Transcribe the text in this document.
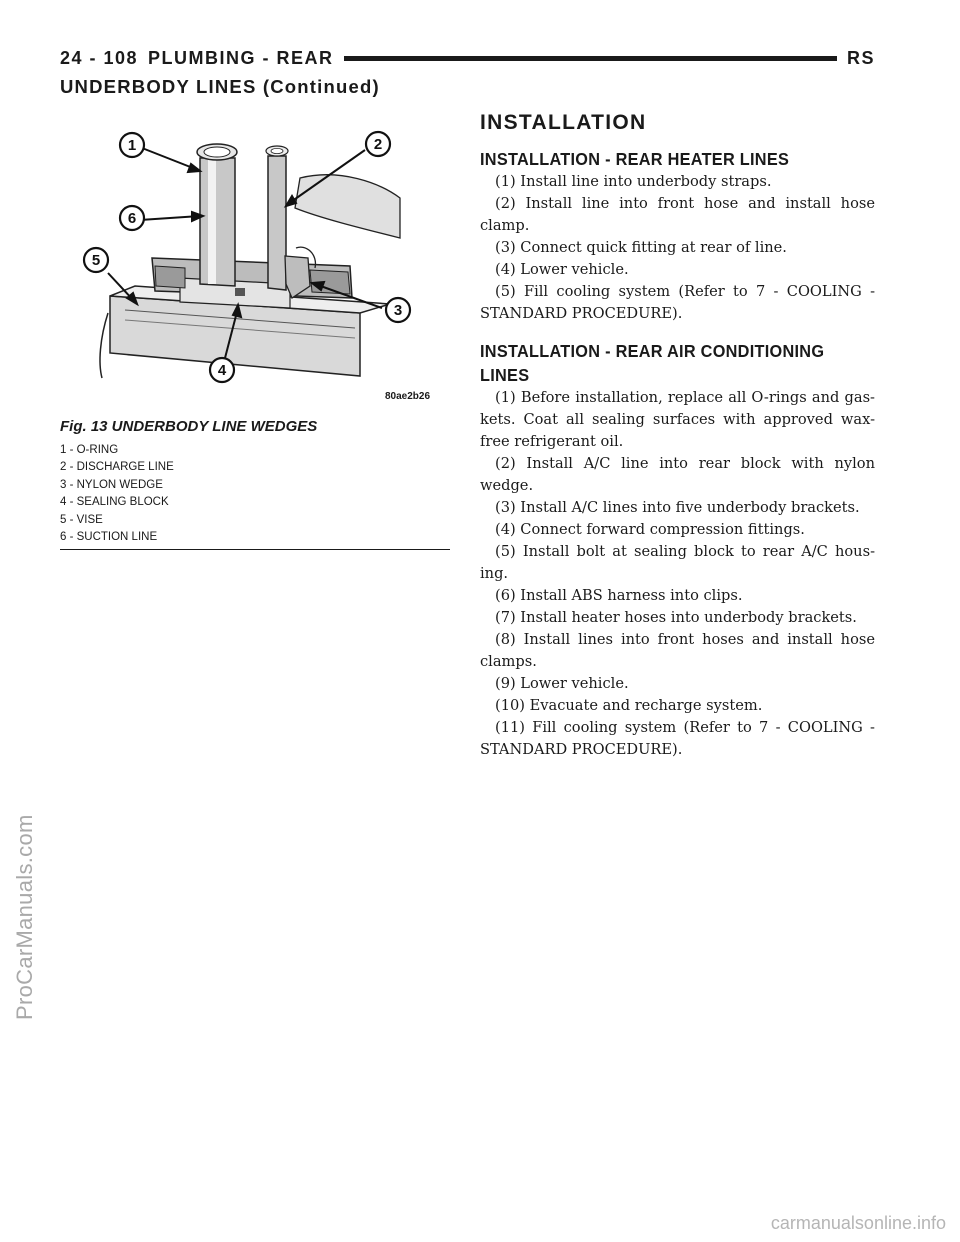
24 - 108 PLUMBING - REAR	RS
UNDERBODY LINES (Continued)
1	2
3
4
5
6
80ae2b26
Fig. 13 UNDERBODY LINE WEDGES
1 - O-RING
2 - DISCHARGE LINE
3 - NYLON WEDGE
4 - SEALING BLOCK
5 - VISE
6 - SUCTION LINE
INSTALLATION
INSTALLATION - REAR HEATER LINES

(1) Install line into underbody straps.

(2) Install line into front hose and install hose clamp.

(3) Connect quick fitting at rear of line.

(4) Lower vehicle.

(5) Fill cooling system (Refer to 7 - COOLING - STANDARD PROCEDURE).

INSTALLATION - REAR AIR CONDITIONING
LINES

(1) Before installation, replace all O-rings and gas-kets. Coat all sealing surfaces with approved wax-free refrigerant oil.

(2) Install A/C line into rear block with nylon wedge.

(3) Install A/C lines into five underbody brackets.

(4) Connect forward compression fittings.

(5) Install bolt at sealing block to rear A/C hous-ing.

(6) Install ABS harness into clips.

(7) Install heater hoses into underbody brackets.

(8) Install lines into front hoses and install hose clamps.

(9) Lower vehicle.

(10) Evacuate and recharge system.

(11) Fill cooling system (Refer to 7 - COOLING - STANDARD PROCEDURE).

ProCarManuals.com
carmanualsonline.info
